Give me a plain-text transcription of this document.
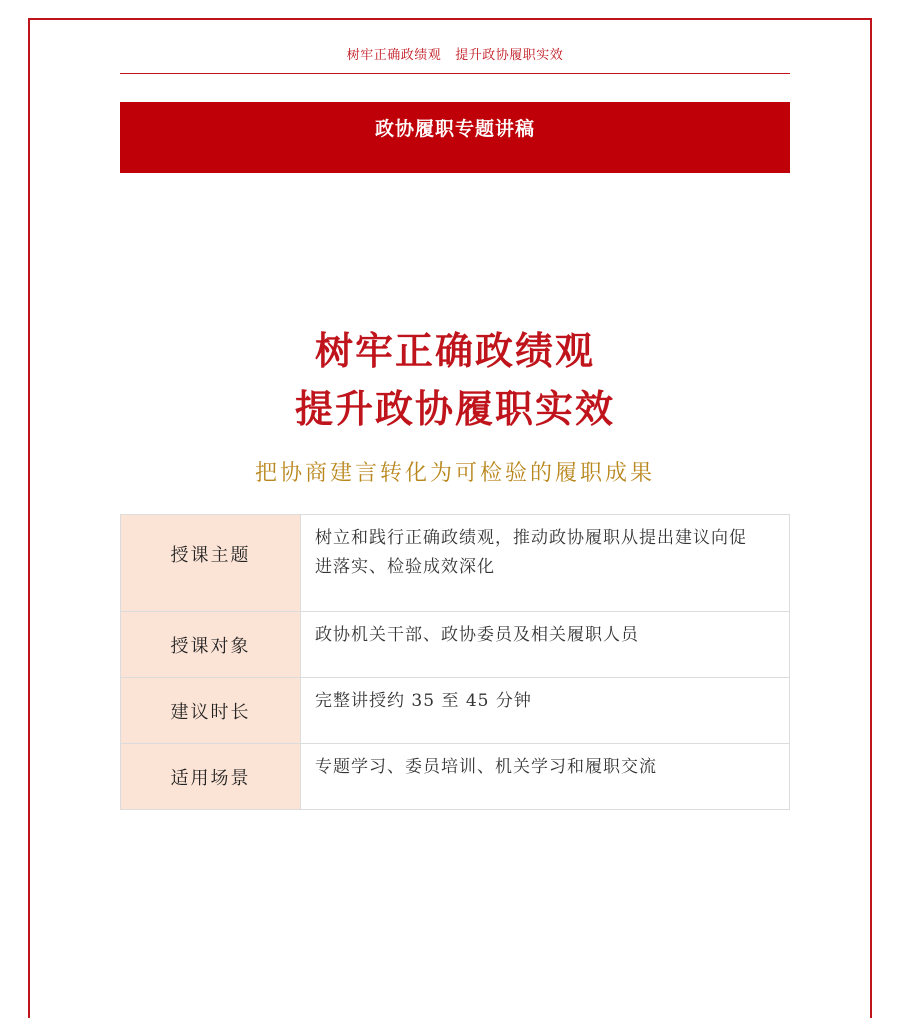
树牢正确政绩观 提升政协履职实效
政协履职专题讲稿
树牢正确政绩观
提升政协履职实效
把协商建言转化为可检验的履职成果
授课主题	树立和践行正确政绩观，推动政协履职从提出建议向促进落实、检验成效深化
授课对象	政协机关干部、政协委员及相关履职人员
建议时长	完整讲授约 35 至 45 分钟
适用场景	专题学习、委员培训、机关学习和履职交流
